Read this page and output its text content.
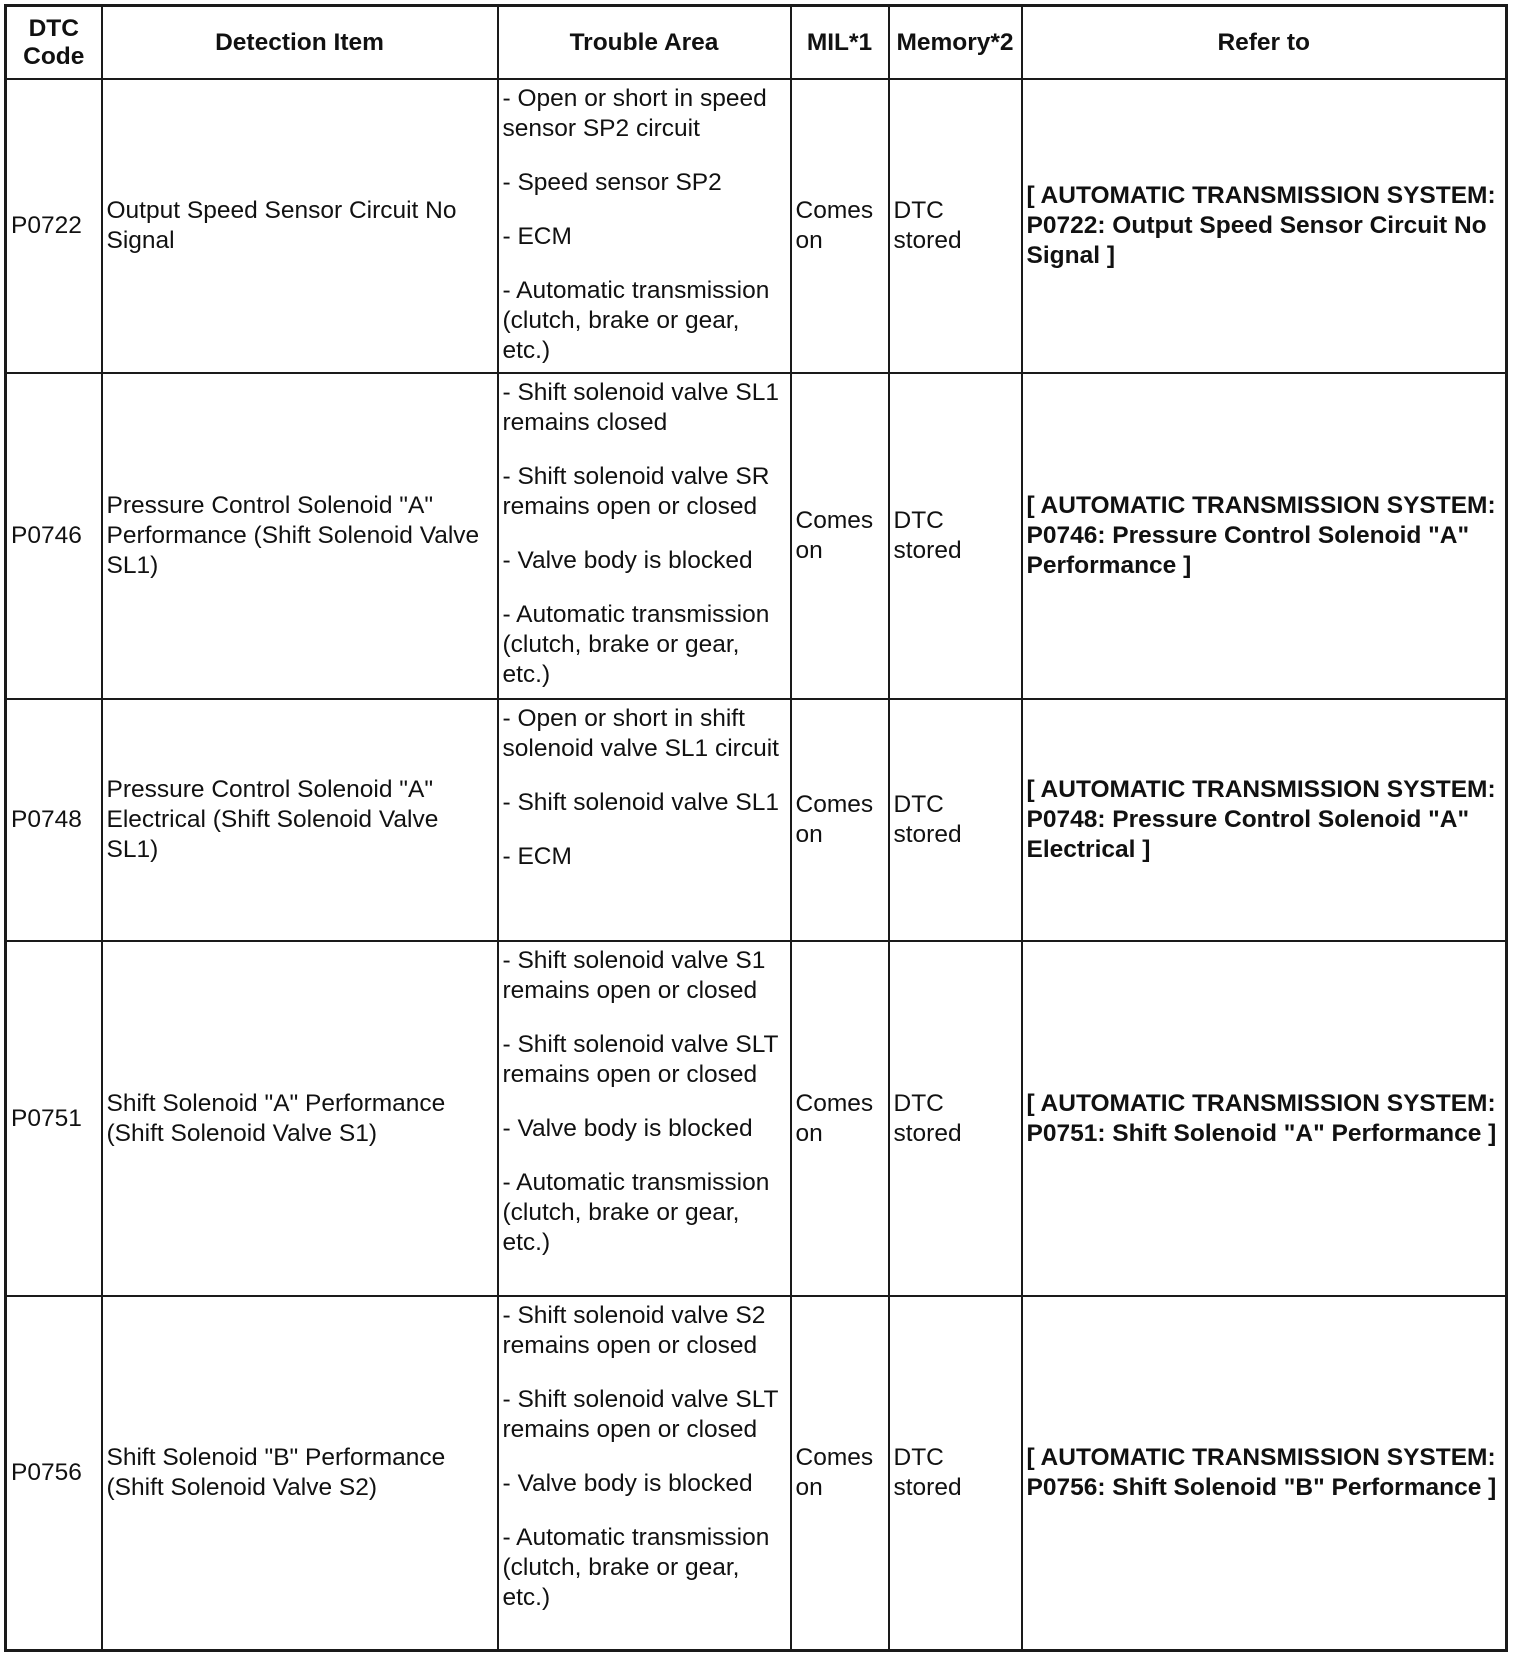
DTC Code	Detection Item	Trouble Area	MIL*1	Memory*2	Refer to
P0722	Output Speed Sensor Circuit No Signal	- Open or short in speed sensor SP2 circuit
- Speed sensor SP2
- ECM
- Automatic transmission (clutch, brake or gear, etc.)	Comes on	DTC stored	[ AUTOMATIC TRANSMISSION SYSTEM: P0722: Output Speed Sensor Circuit No Signal ]
P0746	Pressure Control Solenoid "A" Performance (Shift Solenoid Valve SL1)	- Shift solenoid valve SL1 remains closed
- Shift solenoid valve SR remains open or closed
- Valve body is blocked
- Automatic transmission (clutch, brake or gear, etc.)	Comes on	DTC stored	[ AUTOMATIC TRANSMISSION SYSTEM: P0746: Pressure Control Solenoid "A" Performance ]
P0748	Pressure Control Solenoid "A" Electrical (Shift Solenoid Valve SL1)	- Open or short in shift solenoid valve SL1 circuit
- Shift solenoid valve SL1
- ECM	Comes on	DTC stored	[ AUTOMATIC TRANSMISSION SYSTEM: P0748: Pressure Control Solenoid "A" Electrical ]
P0751	Shift Solenoid "A" Performance (Shift Solenoid Valve S1)	- Shift solenoid valve S1 remains open or closed
- Shift solenoid valve SLT remains open or closed
- Valve body is blocked
- Automatic transmission (clutch, brake or gear, etc.)	Comes on	DTC stored	[ AUTOMATIC TRANSMISSION SYSTEM: P0751: Shift Solenoid "A" Performance ]
P0756	Shift Solenoid "B" Performance (Shift Solenoid Valve S2)	- Shift solenoid valve S2 remains open or closed
- Shift solenoid valve SLT remains open or closed
- Valve body is blocked
- Automatic transmission (clutch, brake or gear, etc.)	Comes on	DTC stored	[ AUTOMATIC TRANSMISSION SYSTEM: P0756: Shift Solenoid "B" Performance ]
